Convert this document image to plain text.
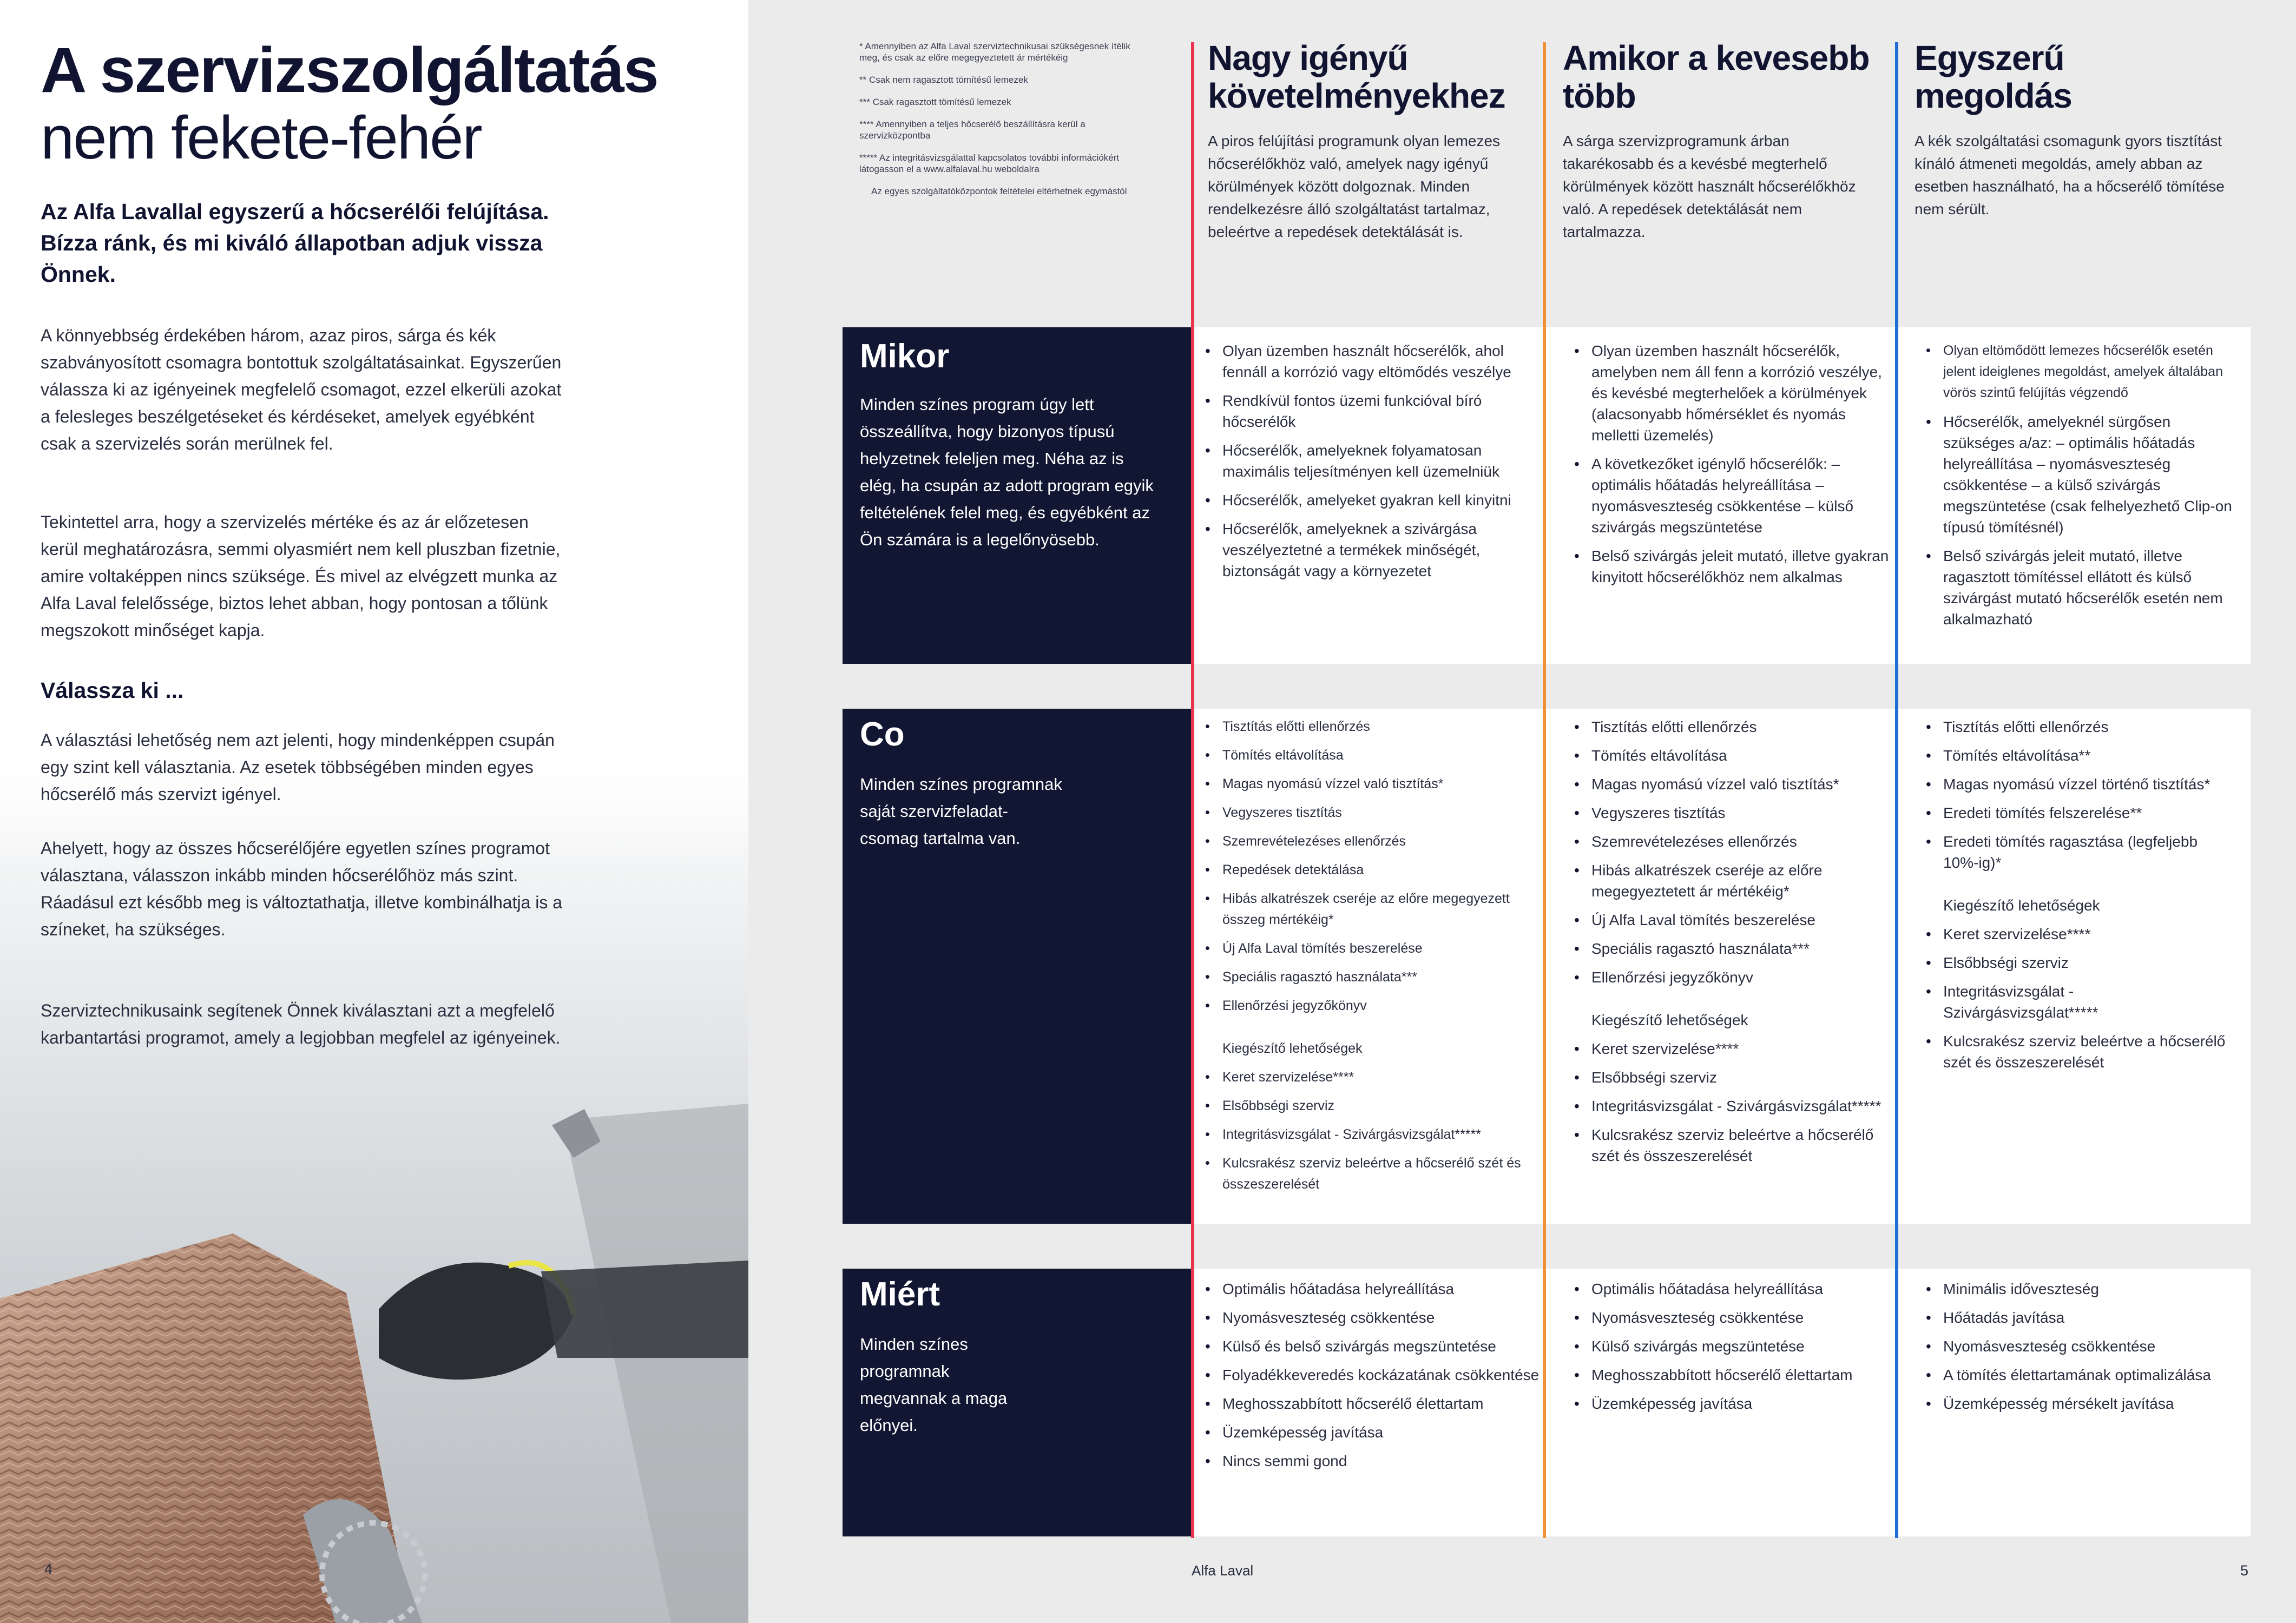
A szervizszolgáltatás
nem fekete-fehér
Az Alfa Lavallal egyszerű a hőcserélői felújítása. Bízza ránk, és mi kiváló állapotban adjuk vissza Önnek.
A könnyebbség érdekében három, azaz piros, sárga és kék szabványosított csomagra bontottuk szolgáltatásainkat. Egyszerűen válassza ki az igényeinek megfelelő csomagot, ezzel elkerüli azokat a felesleges beszélgetéseket és kérdéseket, amelyek egyébként csak a szervizelés során merülnek fel.
Tekintettel arra, hogy a szervizelés mértéke és az ár előzetesen kerül meghatározásra, semmi olyasmiért nem kell pluszban fizetnie, amire voltaképpen nincs szüksége. És mivel az elvégzett munka az Alfa Laval felelőssége, biztos lehet abban, hogy pontosan a tőlünk megszokott minőséget kapja.
Válassza ki ...
A választási lehetőség nem azt jelenti, hogy mindenképpen csupán egy szint kell választania. Az esetek többségében minden egyes hőcserélő más szervizt igényel.
Ahelyett, hogy az összes hőcserélőjére egyetlen színes programot választana, válasszon inkább minden hőcserélőhöz más szint. Ráadásul ezt később meg is változtathatja, illetve kombinálhatja is a színeket, ha szükséges.
Szerviztechnikusaink segítenek Önnek kiválasztani azt a megfelelő karbantartási programot, amely a legjobban megfelel az igényeinek.
4

* Amennyiben az Alfa Laval szerviztechnikusai szükségesnek ítélik meg, és csak az előre megegyeztetett ár mértékéig

** Csak nem ragasztott tömítésű lemezek

*** Csak ragasztott tömítésű lemezek

**** Amennyiben a teljes hőcserélő beszállításra kerül a szervizközpontba

***** Az integritásvizsgálattal kapcsolatos további információkért látogasson el a www.alfalaval.hu weboldalra

Az egyes szolgáltatóközpontok feltételei eltérhetnek egymástól

Nagy igényű követelményekhez
A piros felújítási programunk olyan lemezes hőcserélőkhöz való, amelyek nagy igényű körülmények között dolgoznak. Minden rendelkezésre álló szolgáltatást tartalmaz, beleértve a repedések detektálását is.
Amikor a kevesebb több
A sárga szervizprogramunk árban takarékosabb és a kevésbé megterhelő körülmények között használt hőcserélőkhöz való. A repedések detektálását nem tartalmazza.
Egyszerű megoldás
A kék szolgáltatási csomagunk gyors tisztítást kínáló átmeneti megoldás, amely abban az esetben használható, ha a hőcserélő tömítése nem sérült.
Mikor
Minden színes program úgy lett összeállítva, hogy bizonyos típusú helyzetnek feleljen meg. Néha az is elég, ha csupán az adott program egyik feltételének felel meg, és egyébként az Ön számára is a legelőnyösebb.
• Olyan üzemben használt hőcserélők, ahol fennáll a korrózió vagy eltömődés veszélye
• Rendkívül fontos üzemi funkcióval bíró hőcserélők
• Hőcserélők, amelyeknek folyamatosan maximális teljesítményen kell üzemelniük
• Hőcserélők, amelyeket gyakran kell kinyitni
• Hőcserélők, amelyeknek a szivárgása veszélyeztetné a termékek minőségét, biztonságát vagy a környezetet
• Olyan üzemben használt hőcserélők, amelyben nem áll fenn a korrózió veszélye, és kevésbé megterhelőek a körülmények (alacsonyabb hőmérséklet és nyomás melletti üzemelés)
• A következőket igénylő hőcserélők: – optimális hőátadás helyreállítása – nyomásveszteség csökkentése – külső szivárgás megszüntetése
• Belső szivárgás jeleit mutató, illetve gyakran kinyitott hőcserélőkhöz nem alkalmas
• Olyan eltömődött lemezes hőcserélők esetén jelent ideiglenes megoldást, amelyek általában vörös szintű felújítás végzendő
• Hőcserélők, amelyeknél sürgősen szükséges a/az: – optimális hőátadás helyreállítása – nyomásveszteség csökkentése – a külső szivárgás megszüntetése (csak felhelyezhető Clip-on típusú tömítésnél)
• Belső szivárgás jeleit mutató, illetve ragasztott tömítéssel ellátott és külső szivárgást mutató hőcserélők esetén nem alkalmazható
Co
Minden színes programnak saját szervizfeladat-csomag tartalma van.
• Tisztítás előtti ellenőrzés
• Tömítés eltávolítása
• Magas nyomású vízzel való tisztítás*
• Vegyszeres tisztítás
• Szemrevételezéses ellenőrzés
• Repedések detektálása
• Hibás alkatrészek cseréje az előre megegyezett összeg mértékéig*
• Új Alfa Laval tömítés beszerelése
• Speciális ragasztó használata***
• Ellenőrzési jegyzőkönyv
Kiegészítő lehetőségek
• Keret szervizelése****
• Elsőbbségi szerviz
• Integritásvizsgálat - Szivárgásvizsgálat*****
• Kulcsrakész szerviz beleértve a hőcserélő szét és összeszerelését
• Tisztítás előtti ellenőrzés
• Tömítés eltávolítása
• Magas nyomású vízzel való tisztítás*
• Vegyszeres tisztítás
• Szemrevételezéses ellenőrzés
• Hibás alkatrészek cseréje az előre megegyeztetett ár mértékéig*
• Új Alfa Laval tömítés beszerelése
• Speciális ragasztó használata***
• Ellenőrzési jegyzőkönyv
Kiegészítő lehetőségek
• Keret szervizelése****
• Elsőbbségi szerviz
• Integritásvizsgálat - Szivárgásvizsgálat*****
• Kulcsrakész szerviz beleértve a hőcserélő szét és összeszerelését
• Tisztítás előtti ellenőrzés
• Tömítés eltávolítása**
• Magas nyomású vízzel történő tisztítás*
• Eredeti tömítés felszerelése**
• Eredeti tömítés ragasztása (legfeljebb 10%-ig)*
Kiegészítő lehetőségek
• Keret szervizelése****
• Elsőbbségi szerviz
• Integritásvizsgálat - Szivárgásvizsgálat*****
• Kulcsrakész szerviz beleértve a hőcserélő szét és összeszerelését
Miért
Minden színes programnak megvannak a maga előnyei.
• Optimális hőátadása helyreállítása
• Nyomásveszteség csökkentése
• Külső és belső szivárgás megszüntetése
• Folyadékkeveredés kockázatának csökkentése
• Meghosszabbított hőcserélő élettartam
• Üzemképesség javítása
• Nincs semmi gond
• Optimális hőátadása helyreállítása
• Nyomásveszteség csökkentése
• Külső szivárgás megszüntetése
• Meghosszabbított hőcserélő élettartam
• Üzemképesség javítása
• Minimális időveszteség
• Hőátadás javítása
• Nyomásveszteség csökkentése
• A tömítés élettartamának optimalizálása
• Üzemképesség mérsékelt javítása
Alfa Laval	5
